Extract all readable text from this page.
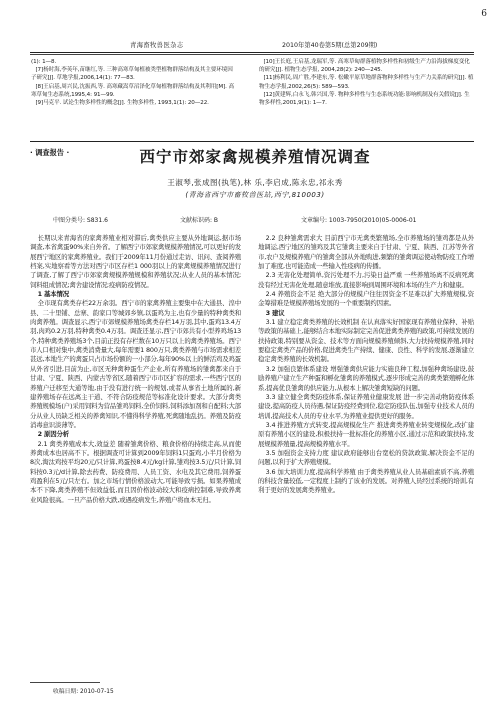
6
青海畜牧兽医杂志	2010年第40卷第5期(总第209期)
(1): 1—8.
[7]杨时海,李英年,苗继红,等. 三种高寒草甸植被类型植物群落结构及其主要环境因子研究[J]. 草地学报,2006,14(1): 77—83.
[8]王启基,周兴民,沈振西,等. 高寒藏嵩草沼泽化草甸植物群落结构及其利用[M]. 高寒草甸生态系统,1995,4: 91—99.
[9]马克平. 试论生物多样性的概念[J]. 生物多样性, 1993,1(1): 20—22.
[10]王长庭,王启基,龙瑞军,等. 高寒草甸群落植物多样性和初级生产力沿海拔梯度变化的研究[J]. 植物生态学报, 2004,28(2): 240—245.
[11]杨利民,周广胜,李建东,等. 松嫩平原草地群落物种多样性与生产力关系的研究[J]. 植物生态学报,2002,26(5): 589—593.
[12]黄建辉,白永飞,韩兴国,等. 物种多样性与生态系统功能:影响机制及有关假说[J]. 生物多样性,2001,9(1): 1—7.
· 调查报告 ·	西宁市郊家禽规模养殖情况调查
王淑琴,张成图(执笔),林 乐,李启成,陈永忠,祁永秀
(青海省西宁市畜牧兽医站,西宁,810003)
中图分类号: S831.6	文献标识码: B	文章编号: 1003-7950(2010)05-0006-01
长期以来青海省的家禽养殖业相对滞后,禽类供应主要从外地调运,据市场调查,本省禽蛋90%来自外省。了解西宁市郊家禽规模养殖情况,可以更好的发展西宁地区的家禽养殖业。我们于2009年11月份通过走访、讯问、查阅养殖档案,实地察看等方法对西宁市区存栏1 000羽以上的家禽规模养殖情况进行了调查,了解了西宁市郊家禽规模养殖规模和养殖状况;从业人员的基本情况;饲料组成情况;禽舍建设情况;疫病防疫情况。
1 基本情况
全市现有禽类存栏22万余羽。西宁市的家禽养殖主要集中在大通县、湟中县、二十里铺、总寨、韵家口等城郊乡镇,以蛋鸡为主,也有少量的特种禽类和肉禽养殖。调查显示,西宁市郊规模养殖场禽类存栏14万羽,其中,蛋鸡13.4万羽,肉鸡0.2万羽,特种禽类0.4万羽。调查还显示,西宁市郊共有小型养鸡场13个,特种禽类养殖场3个,目前正投有存栏数在10万只以上的禽类养殖场。西宁市人口相对集中,禽类消费量大,每年需要1 800万只,禽类养殖与市场需求相差甚远,本地生产的禽蛋只占市场份额的一小部分,每年90%以上的鲜活鸡及鸡蛋从外省引进,目前为止,市区无种禽种蛋生产企业,所有养殖场的雏禽都来自于甘肃、宁夏、陕西、内蒙古等省区,随着西宁市市区扩容的需求,一些西宁区的养殖户迁移至大通等地,由于没有进行统一的规划,或者从事省土地所属的,新建养殖场存在远离主干道、不符合防疫规范等标准化设计要求。大部分禽类养殖规模场(户)采用饲料为营品雏鸡饲料,全价饲料,饲料添加剂和自配料;大部分从业人员缺乏相关的养禽知识,不懂得科学养殖,死禽随地乱扔。养殖及防疫消毒意识淡薄等。
2 原因分析
2.1 禽类养殖成本大,效益差 随着雏禽价格、粮食价格的持续走高,从而使养禽成本也居高不下。根据调查可计算到2009年饲料1只蛋鸡,小半月价格为8次,淘汰鸡按平均20元/只计算,鸡蛋按8.4元/kg计算,雏鸡按3.5元/只计算,饲料按0.3元/d计算,除去药费、防疫费用、人员工资、水电及其它费用,饲养蛋鸡盈利在5元/只左右。加之市场行情价格波动大,可能导致亏损。如果养殖成本不下降,禽类养殖不但效益低,而且因价格波动较大和疫病控制难,导致养禽业风险很高。一旦产品价格大跌,或遇疫病发生,养殖户将血本无归。
收稿日期: 2010-07-15
2.2 良种雏禽需求大 目前西宁市无禽类繁殖场,全市养殖场的雏鸡都是从外地调运,西宁地区的雏鸡及其它雏禽主要来自于甘肃、宁夏、陕西、江苏等外省市,农户及规模养殖户的雏禽全部从外地购进,频繁的雏禽调运使动物防疫工作增加了难度,也可能造成一些输入性疫病的传播。
2.3 无害化处理简单,资污处理不力,污染日益严重 一些养殖场离不反病死禽没有经过无害化处理,随意堆放,直接影响到周围环境和本场的生产力和健康。
2.4 养殖资金不足 绝大部分的规模户往往因资金不足难以扩大养殖规模,资金筹措难是规模养殖场发展的一个重要制约因素。
3 建议
3.1 建立稳定禽类养殖的长效机制 在认真落实好国家现有养殖业保种、补贴等政策的基础上,能够结合本地实际制定完善促进禽类养殖的政策,可持续发展的扶持政策,特别要从资金、技术等方面向规模养殖倾斜,大力扶持规模养殖,同时要稳定禽类产品的价格,促进禽类生产持续、健康、良性、科学的发展,逐渐建立稳定禽类养殖的长效机制。
3.2 加强良繁体系建设 增强雏禽供应能力实施良种工程,加强种禽场建设,鼓励养殖户建立生产种蛋和孵化雏禽的养殖模式,逐步形成完善的禽类繁殖孵化体系,提高优良雏禽的供应能力,从根本上解决雏禽短缺的问题。
3.3 建立健全禽类防疫体系,保证养殖业健康发展 进一步完善动物防疫体系建设,提高防疫人员待遇,保证防疫经费到位,稳定防疫队伍,加强专业技术人员的培训,提高技术人员的专业水平,为养殖业提供更好的服务。
3.4 推进养殖方式转变,提高规模化生产 推进禽类养殖业转变规模化,改扩建原有养殖小区的建设,积极扶持一批标准化的养殖小区,通过示范和政策扶持,发展规模养殖量,提高规模养殖水平。
3.5 加强资金支持力度 建议政府能够出台宽松的贷款政策,解决资金不足的问题,以利于扩大养殖规模。
3.6 加大培训力度,提高科学养殖 由于禽类养殖从业人员基础素质不高,养殖的科技含量较低,一定程度上制约了该业的发展。对养殖人员经过系统的培训,有利于更好的发展禽类养殖业。
